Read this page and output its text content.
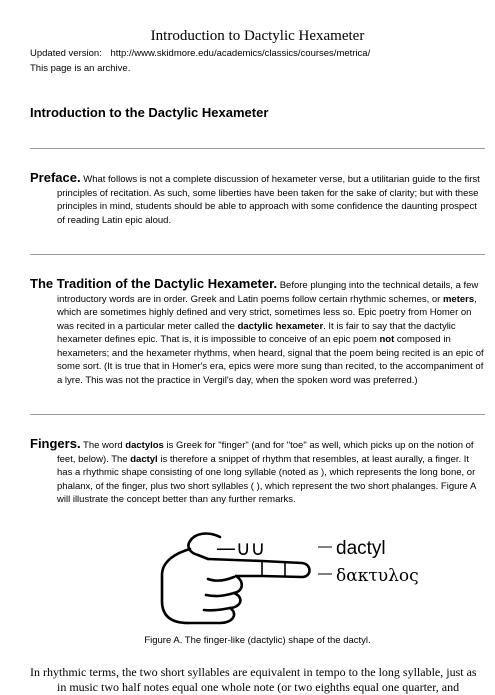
Introduction to Dactylic Hexameter
Updated version: http://www.skidmore.edu/academics/classics/courses/metrica/
This page is an archive.
Introduction to the Dactylic Hexameter

Preface. What follows is not a complete discussion of hexameter verse, but a utilitarian guide to the first principles of recitation. As such, some liberties have been taken for the sake of clarity; but with these principles in mind, students should be able to approach with some confidence the daunting prospect of reading Latin epic aloud.

The Tradition of the Dactylic Hexameter. Before plunging into the technical details, a few introductory words are in order. Greek and Latin poems follow certain rhythmic schemes, or meters, which are sometimes highly defined and very strict, sometimes less so. Epic poetry from Homer on was recited in a particular meter called the dactylic hexameter. It is fair to say that the dactylic hexameter defines epic. That is, it is impossible to conceive of an epic poem not composed in hexameters; and the hexameter rhythms, when heard, signal that the poem being recited is an epic of some sort. (It is true that in Homer's era, epics were more sung than recited, to the accompaniment of a lyre. This was not the practice in Vergil's day, when the spoken word was preferred.)

Fingers. The word dactylos is Greek for "finger" (and for "toe" as well, which picks up on the notion of feet, below). The dactyl is therefore a snippet of rhythm that resembles, at least aurally, a finger. It has a rhythmic shape consisting of one long syllable (noted as ), which represents the long bone, or phalanx, of the finger, plus two short syllables ( ), which represent the two short phalanges. Figure A will illustrate the concept better than any further remarks.

—∪∪	dactyl
δακτυλος
Figure A. The finger-like (dactylic) shape of the dactyl.

In rhythmic terms, the two short syllables are equivalent in tempo to the long syllable, just as in music two half notes equal one whole note (or two eighths equal one quarter, and
